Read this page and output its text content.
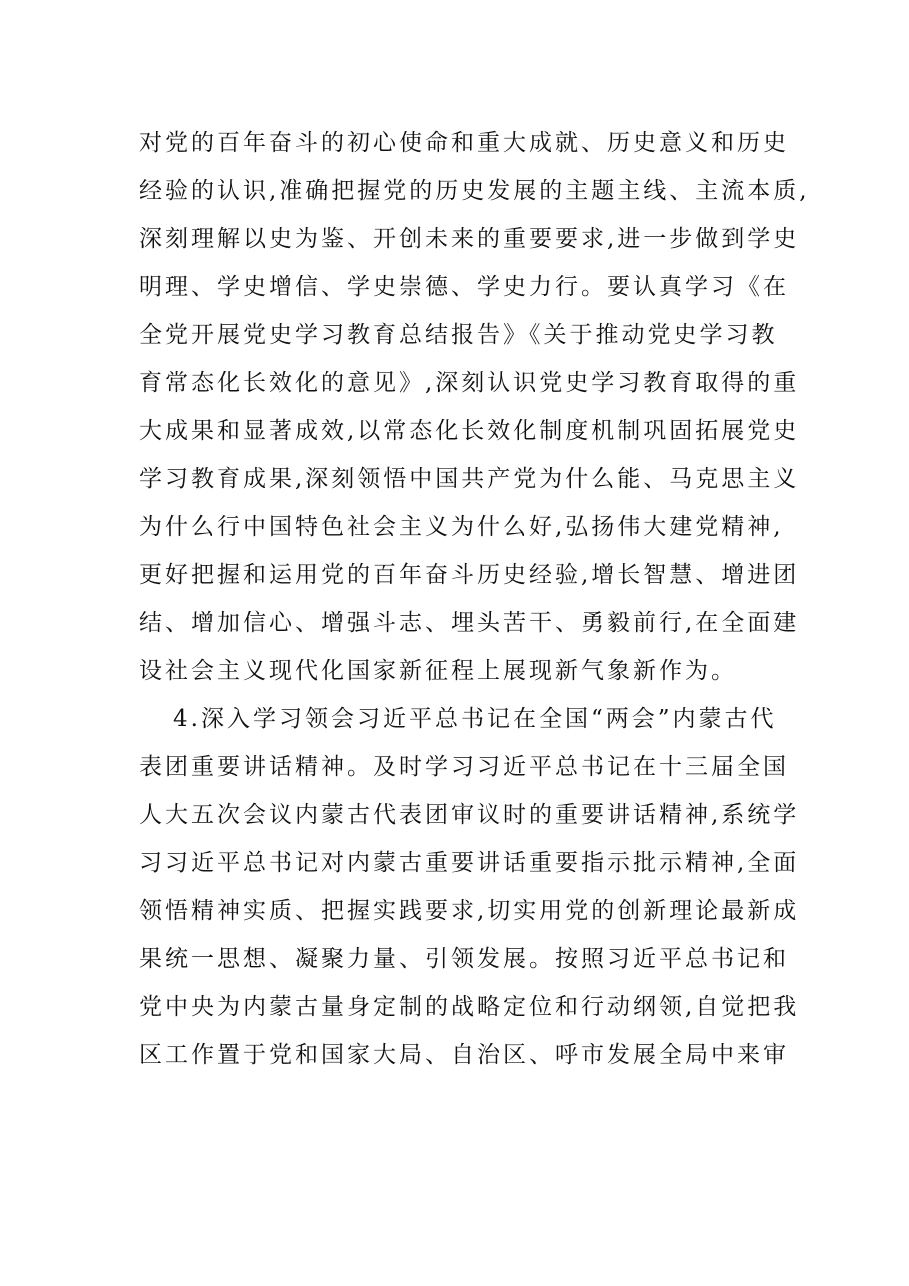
对党的百年奋斗的初心使命和重大成就、历史意义和历史
经验的认识,准确把握党的历史发展的主题主线、主流本质,
深刻理解以史为鉴、开创未来的重要要求,进一步做到学史
明理、学史增信、学史崇德、学史力行。要认真学习《在
全党开展党史学习教育总结报告》《关于推动党史学习教
育常态化长效化的意见》,深刻认识党史学习教育取得的重
大成果和显著成效,以常态化长效化制度机制巩固拓展党史
学习教育成果,深刻领悟中国共产党为什么能、马克思主义
为什么行中国特色社会主义为什么好,弘扬伟大建党精神,
更好把握和运用党的百年奋斗历史经验,增长智慧、增进团
结、增加信心、增强斗志、埋头苦干、勇毅前行,在全面建
设社会主义现代化国家新征程上展现新气象新作为。
4.深入学习领会习近平总书记在全国“两会”内蒙古代
表团重要讲话精神。及时学习习近平总书记在十三届全国
人大五次会议内蒙古代表团审议时的重要讲话精神,系统学
习习近平总书记对内蒙古重要讲话重要指示批示精神,全面
领悟精神实质、把握实践要求,切实用党的创新理论最新成
果统一思想、凝聚力量、引领发展。按照习近平总书记和
党中央为内蒙古量身定制的战略定位和行动纲领,自觉把我
区工作置于党和国家大局、自治区、呼市发展全局中来审
